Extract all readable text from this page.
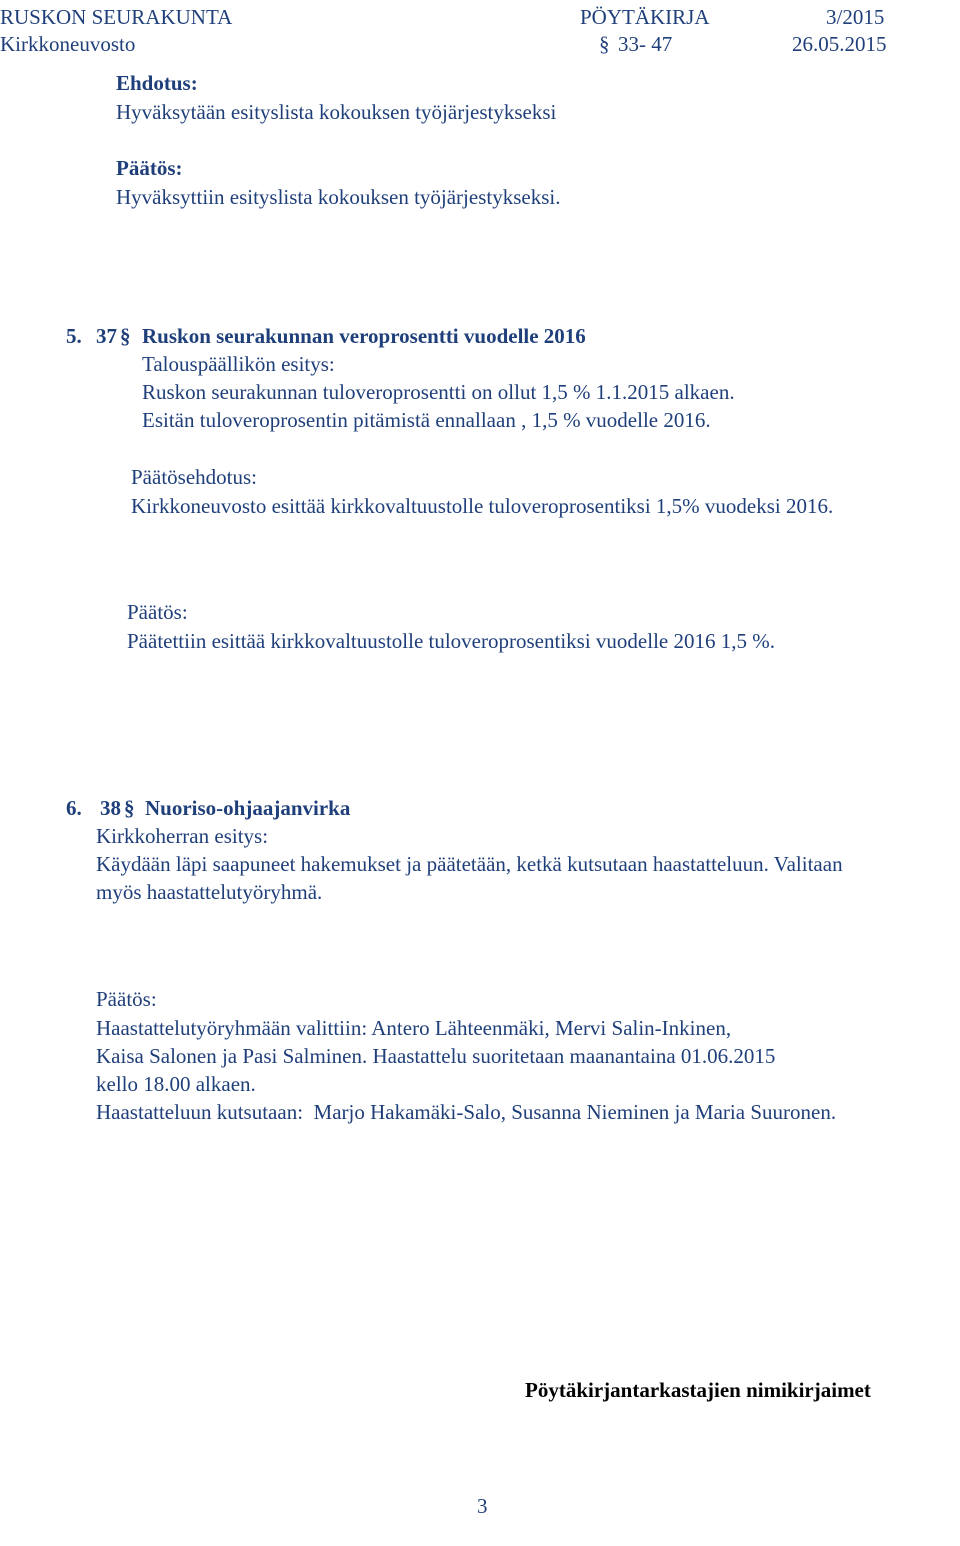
RUSKON SEURAKUNTA	PÖYTÄKIRJA	3/2015
Kirkkoneuvosto	§ 33- 47	26.05.2015
Ehdotus:
Hyväksytään esityslista kokouksen työjärjestykseksi
Päätös:
Hyväksyttiin esityslista kokouksen työjärjestykseksi.
5. 37 § Ruskon seurakunnan veroprosentti vuodelle 2016
Talouspäällikön esitys:
Ruskon seurakunnan tuloveroprosentti on ollut 1,5 % 1.1.2015 alkaen.
Esitän tuloveroprosentin pitämistä ennallaan , 1,5 % vuodelle 2016.
Päätösehdotus:
Kirkkoneuvosto esittää kirkkovaltuustolle tuloveroprosentiksi 1,5% vuodeksi 2016.
Päätös:
Päätettiin esittää kirkkovaltuustolle tuloveroprosentiksi vuodelle 2016 1,5 %.
6. 38 § Nuoriso-ohjaajanvirka
Kirkkoherran esitys:
Käydään läpi saapuneet hakemukset ja päätetään, ketkä kutsutaan haastatteluun. Valitaan
myös haastattelutyöryhmä.
Päätös:
Haastattelutyöryhmään valittiin: Antero Lähteenmäki, Mervi Salin-Inkinen,
Kaisa Salonen ja Pasi Salminen. Haastattelu suoritetaan maanantaina 01.06.2015
kello 18.00 alkaen.
Haastatteluun kutsutaan:  Marjo Hakamäki-Salo, Susanna Nieminen ja Maria Suuronen.
Pöytäkirjantarkastajien nimikirjaimet
3
